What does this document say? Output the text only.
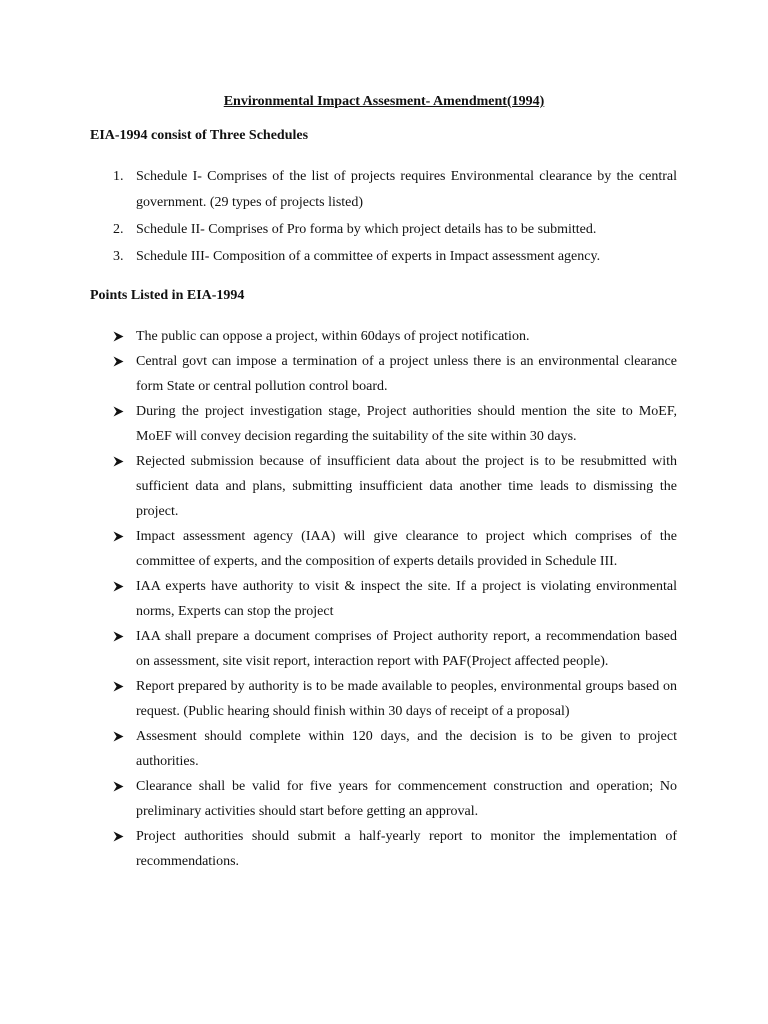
Environmental Impact Assesment- Amendment(1994)
EIA-1994 consist of Three Schedules
1. Schedule I- Comprises of the list of projects requires Environmental clearance by the central government. (29 types of projects listed)
2. Schedule II- Comprises of Pro forma by which project details has to be submitted.
3. Schedule III- Composition of a committee of experts in Impact assessment agency.
Points Listed in EIA-1994
The public can oppose a project, within 60days of project notification.
Central govt can impose a termination of a project unless there is an environmental clearance form State or central pollution control board.
During the project investigation stage, Project authorities should mention the site to MoEF, MoEF will convey decision regarding the suitability of the site within 30 days.
Rejected submission because of insufficient data about the project is to be resubmitted with sufficient data and plans, submitting insufficient data another time leads to dismissing the project.
Impact assessment agency (IAA) will give clearance to project which comprises of the committee of experts, and the composition of experts details provided in Schedule III.
IAA experts have authority to visit & inspect the site. If a project is violating environmental norms, Experts can stop the project
IAA shall prepare a document comprises of Project authority report, a recommendation based on assessment, site visit report, interaction report with PAF(Project affected people).
Report prepared by authority is to be made available to peoples, environmental groups based on request. (Public hearing should finish within 30 days of receipt of a proposal)
Assesment should complete within 120 days, and the decision is to be given to project authorities.
Clearance shall be valid for five years for commencement construction and operation; No preliminary activities should start before getting an approval.
Project authorities should submit a half-yearly report to monitor the implementation of recommendations.
